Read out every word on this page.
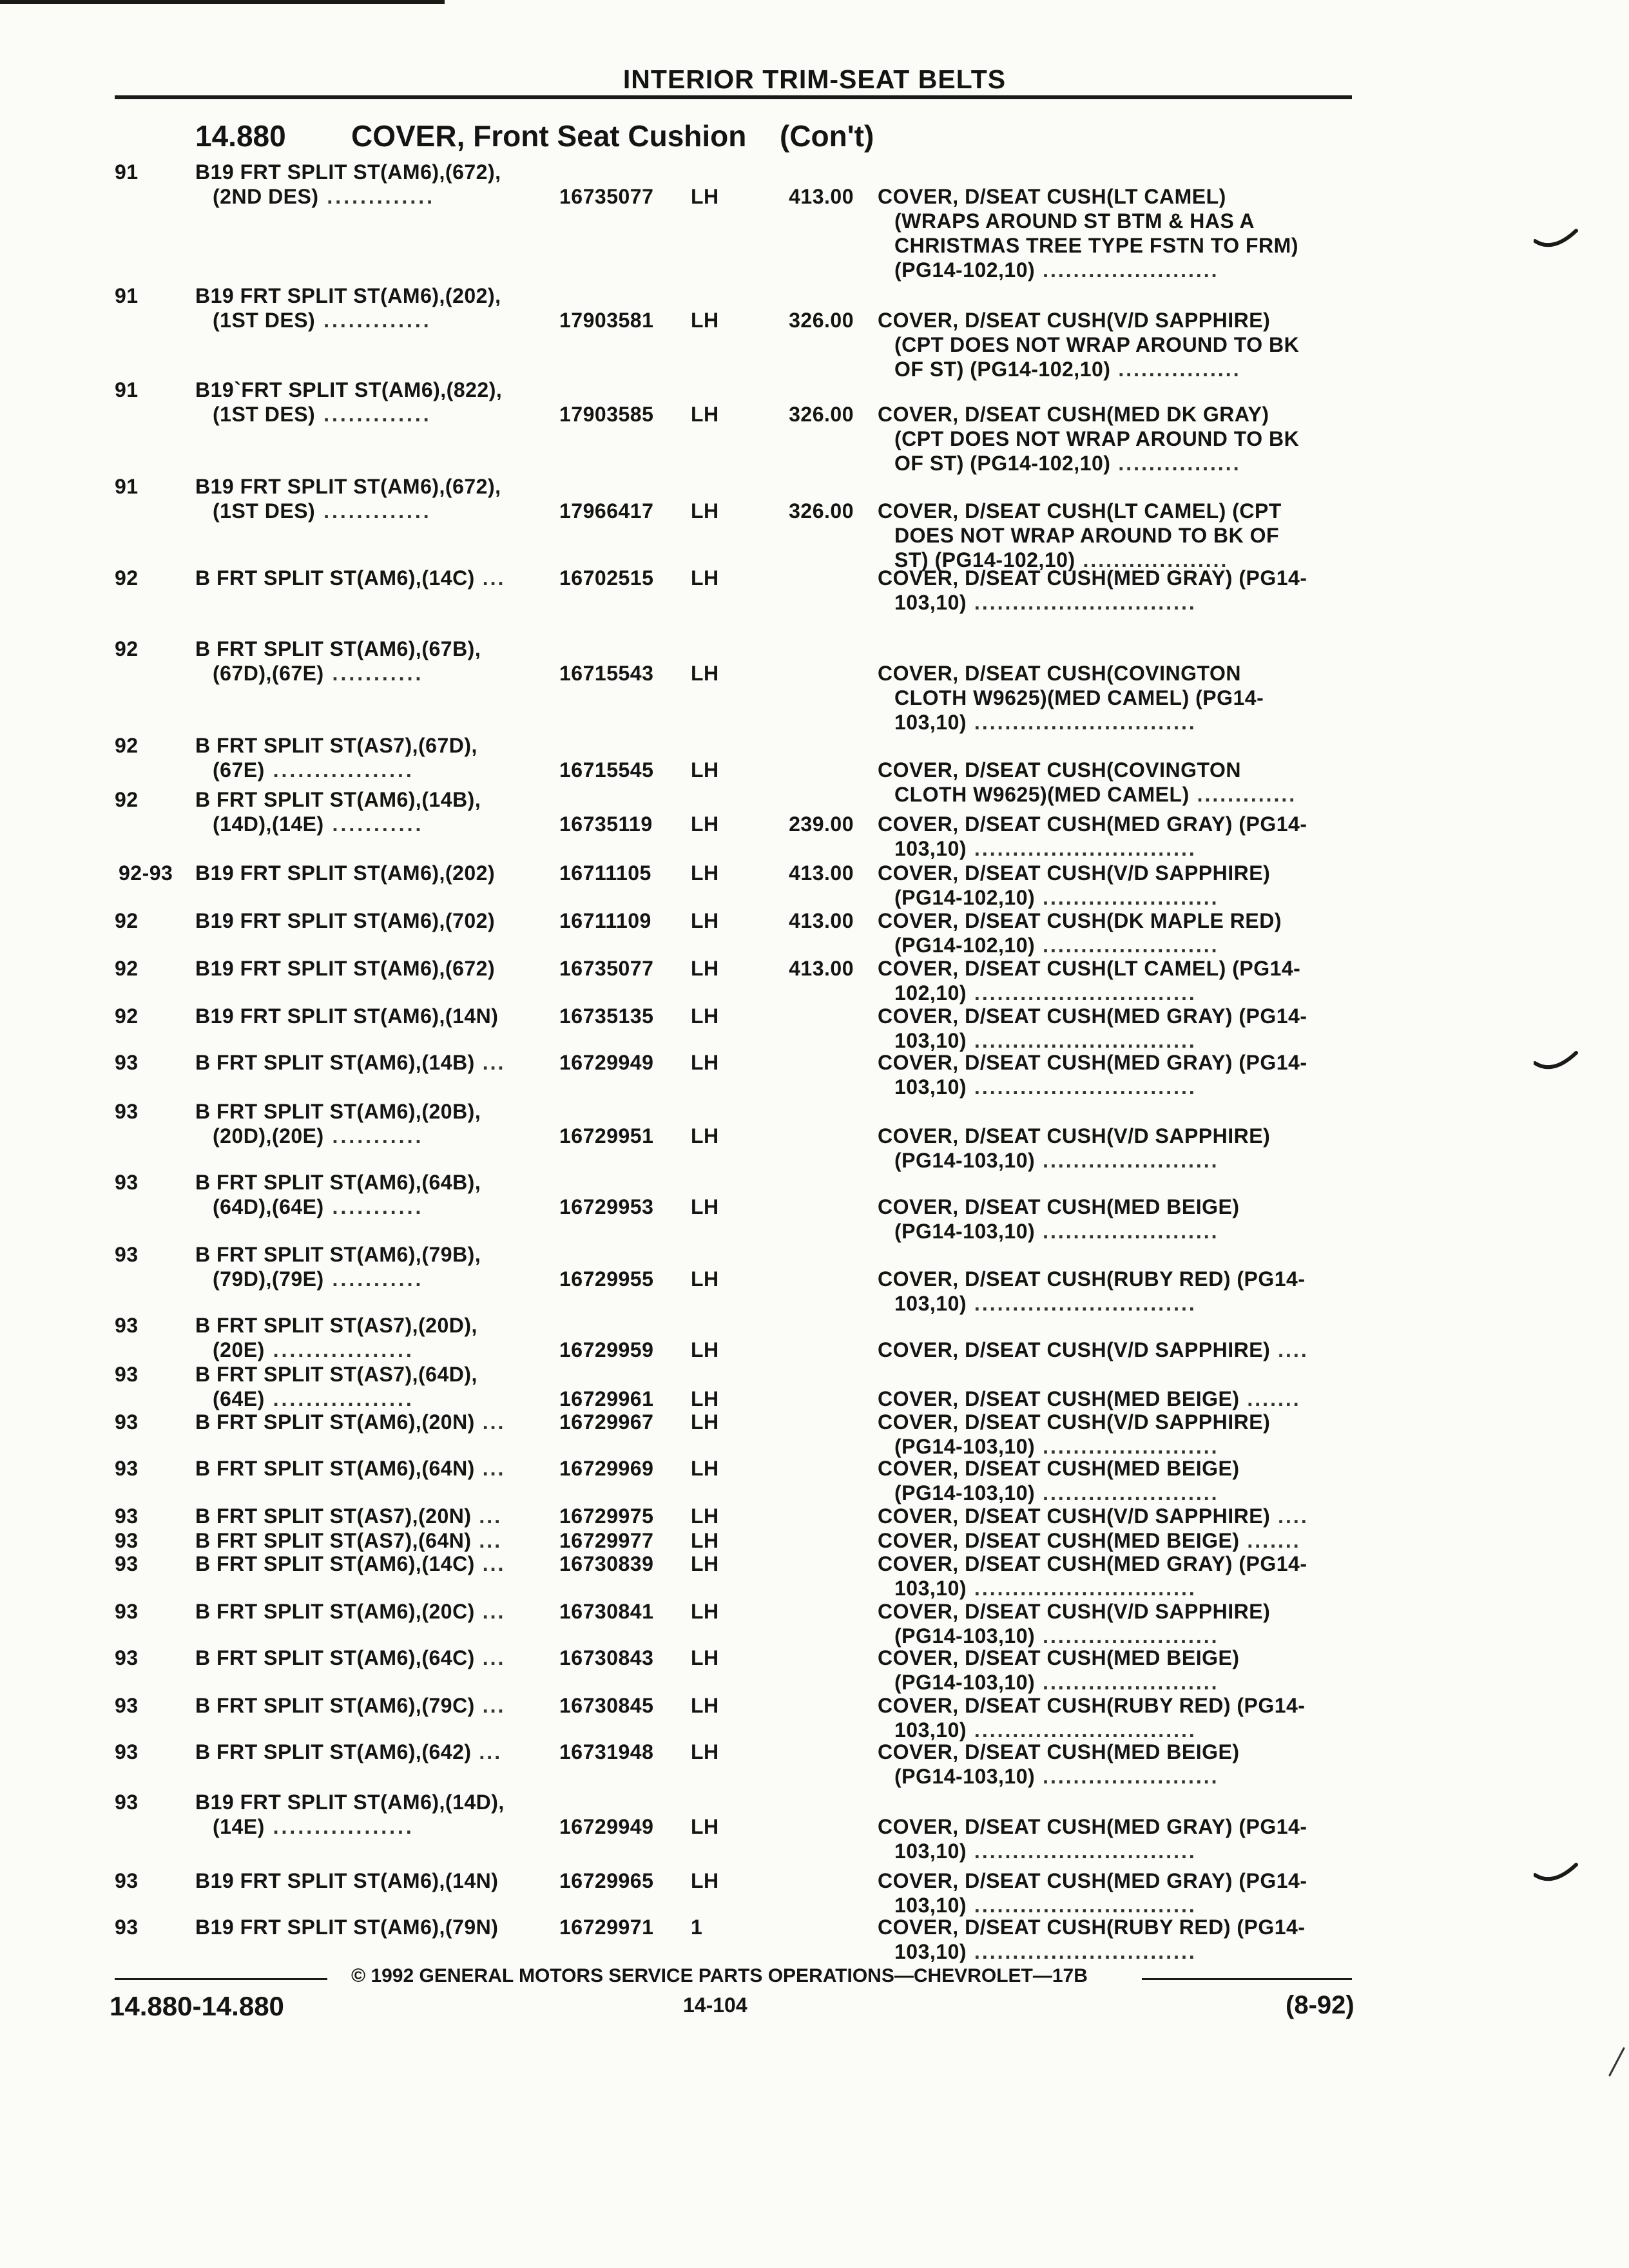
INTERIOR TRIM-SEAT BELTS
14.880 COVER, Front Seat Cushion (Con't)
91	B19 FRT SPLIT ST(AM6),(672),
(2ND DES) .............	16735077 LH	413.00 COVER, D/SEAT CUSH(LT CAMEL)
(WRAPS AROUND ST BTM & HAS A
CHRISTMAS TREE TYPE FSTN TO FRM)
(PG14-102,10) .......................
91	B19 FRT SPLIT ST(AM6),(202),
(1ST DES) .............	17903581 LH	326.00 COVER, D/SEAT CUSH(V/D SAPPHIRE)
(CPT DOES NOT WRAP AROUND TO BK
OF ST) (PG14-102,10) ................
91	B19`FRT SPLIT ST(AM6),(822),
(1ST DES) .............	17903585 LH	326.00 COVER, D/SEAT CUSH(MED DK GRAY)
(CPT DOES NOT WRAP AROUND TO BK
OF ST) (PG14-102,10) ................
91	B19 FRT SPLIT ST(AM6),(672),
(1ST DES) .............	17966417 LH	326.00 COVER, D/SEAT CUSH(LT CAMEL) (CPT
DOES NOT WRAP AROUND TO BK OF
ST) (PG14-102,10) ...................
92	B FRT SPLIT ST(AM6),(14C) ...	16702515 LH	COVER, D/SEAT CUSH(MED GRAY) (PG14-
103,10) .............................
92	B FRT SPLIT ST(AM6),(67B),
(67D),(67E) ...........	16715543 LH	COVER, D/SEAT CUSH(COVINGTON
CLOTH W9625)(MED CAMEL) (PG14-
103,10) .............................
92	B FRT SPLIT ST(AS7),(67D),
(67E) .................	16715545 LH	COVER, D/SEAT CUSH(COVINGTON
CLOTH W9625)(MED CAMEL) .............
92	B FRT SPLIT ST(AM6),(14B),
(14D),(14E) ...........	16735119 LH	239.00 COVER, D/SEAT CUSH(MED GRAY) (PG14-
103,10) .............................
92-93 B19 FRT SPLIT ST(AM6),(202)	16711105 LH	413.00 COVER, D/SEAT CUSH(V/D SAPPHIRE)
(PG14-102,10) .......................
92	B19 FRT SPLIT ST(AM6),(702)	16711109 LH	413.00 COVER, D/SEAT CUSH(DK MAPLE RED)
(PG14-102,10) .......................
92	B19 FRT SPLIT ST(AM6),(672)	16735077 LH	413.00 COVER, D/SEAT CUSH(LT CAMEL) (PG14-
102,10) .............................
92	B19 FRT SPLIT ST(AM6),(14N)	16735135 LH	COVER, D/SEAT CUSH(MED GRAY) (PG14-
103,10) .............................
93	B FRT SPLIT ST(AM6),(14B) ...	16729949 LH	COVER, D/SEAT CUSH(MED GRAY) (PG14-
103,10) .............................
93	B FRT SPLIT ST(AM6),(20B),
(20D),(20E) ...........	16729951 LH	COVER, D/SEAT CUSH(V/D SAPPHIRE)
(PG14-103,10) .......................
93	B FRT SPLIT ST(AM6),(64B),
(64D),(64E) ...........	16729953 LH	COVER, D/SEAT CUSH(MED BEIGE)
(PG14-103,10) .......................
93	B FRT SPLIT ST(AM6),(79B),
(79D),(79E) ...........	16729955 LH	COVER, D/SEAT CUSH(RUBY RED) (PG14-
103,10) .............................
93	B FRT SPLIT ST(AS7),(20D),
(20E) .................	16729959 LH	COVER, D/SEAT CUSH(V/D SAPPHIRE) ....
93	B FRT SPLIT ST(AS7),(64D),
(64E) .................	16729961 LH	COVER, D/SEAT CUSH(MED BEIGE) .......
93	B FRT SPLIT ST(AM6),(20N) ...	16729967 LH	COVER, D/SEAT CUSH(V/D SAPPHIRE)
(PG14-103,10) .......................
93	B FRT SPLIT ST(AM6),(64N) ...	16729969 LH	COVER, D/SEAT CUSH(MED BEIGE)
(PG14-103,10) .......................
93	B FRT SPLIT ST(AS7),(20N) ...	16729975 LH	COVER, D/SEAT CUSH(V/D SAPPHIRE) ....
93	B FRT SPLIT ST(AS7),(64N) ...	16729977 LH	COVER, D/SEAT CUSH(MED BEIGE) .......
93	B FRT SPLIT ST(AM6),(14C) ...	16730839 LH	COVER, D/SEAT CUSH(MED GRAY) (PG14-
103,10) .............................
93	B FRT SPLIT ST(AM6),(20C) ...	16730841 LH	COVER, D/SEAT CUSH(V/D SAPPHIRE)
(PG14-103,10) .......................
93	B FRT SPLIT ST(AM6),(64C) ...	16730843 LH	COVER, D/SEAT CUSH(MED BEIGE)
(PG14-103,10) .......................
93	B FRT SPLIT ST(AM6),(79C) ...	16730845 LH	COVER, D/SEAT CUSH(RUBY RED) (PG14-
103,10) .............................
93	B FRT SPLIT ST(AM6),(642) ...	16731948 LH	COVER, D/SEAT CUSH(MED BEIGE)
(PG14-103,10) .......................
93	B19 FRT SPLIT ST(AM6),(14D),
(14E) .................	16729949 LH	COVER, D/SEAT CUSH(MED GRAY) (PG14-
103,10) .............................
93	B19 FRT SPLIT ST(AM6),(14N)	16729965 LH	COVER, D/SEAT CUSH(MED GRAY) (PG14-
103,10) .............................
93	B19 FRT SPLIT ST(AM6),(79N)	16729971 1	COVER, D/SEAT CUSH(RUBY RED) (PG14-
103,10) .............................
© 1992 GENERAL MOTORS SERVICE PARTS OPERATIONS—CHEVROLET—17B
14.880-14.880	14-104	(8-92)
